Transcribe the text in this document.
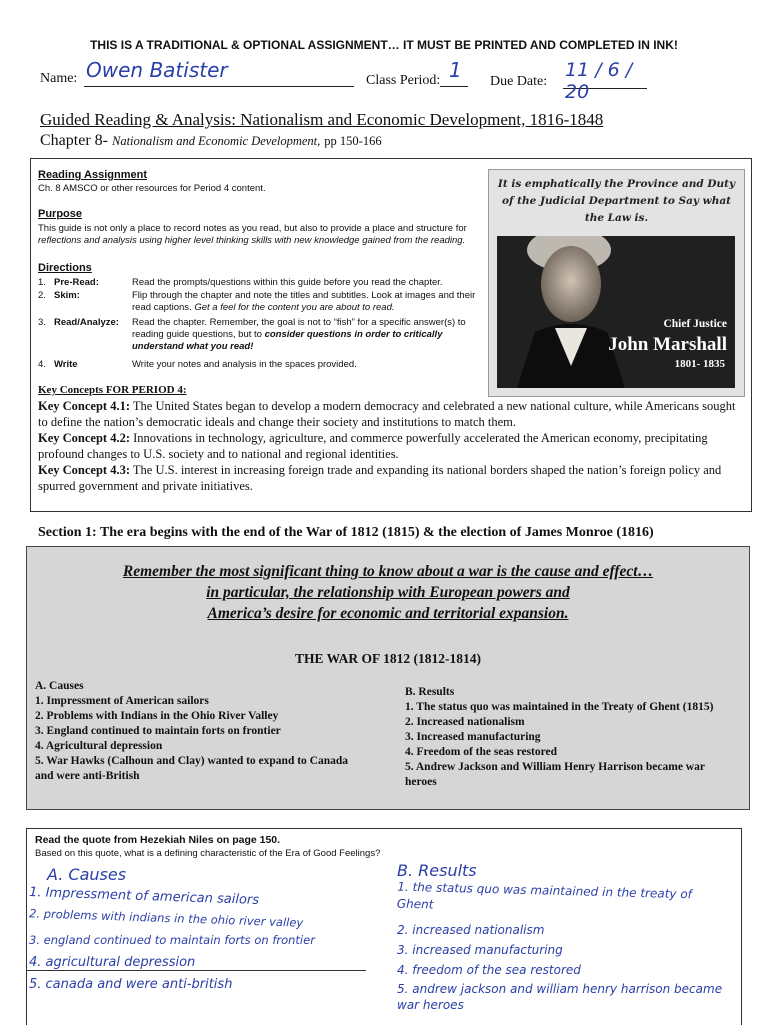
THIS IS A TRADITIONAL & OPTIONAL ASSIGNMENT… IT MUST BE PRINTED AND COMPLETED IN INK!
Name: Owen Batister	Class Period: 1 Due Date:
11 / 6 / 20
Guided Reading & Analysis: Nationalism and Economic Development, 1816-1848
Chapter 8- Nationalism and Economic Development, pp 150-166
Reading Assignment
Ch. 8 AMSCO or other resources for Period 4 content.
Purpose
This guide is not only a place to record notes as you read, but also to provide a place and structure for
reflections and analysis using higher level thinking skills with new knowledge gained from the reading.
Directions
1. Pre-Read:	Read the prompts/questions within this guide before you read the chapter.
2. Skim:	Flip through the chapter and note the titles and subtitles. Look at images and their read captions. Get a feel for the content you are about to read.
3. Read/Analyze: Read the chapter. Remember, the goal is not to “fish” for a specific answer(s) to reading guide questions, but to consider questions in order to critically understand what you read!
4. Write	Write your notes and analysis in the spaces provided.
It is emphatically the Province and Duty of the Judicial Department to Say what the Law is.
Chief Justice
John Marshall
1801- 1835
Key Concepts FOR PERIOD 4:
Key Concept 4.1: The United States began to develop a modern democracy and celebrated a new national culture, while Americans sought to define the nation’s democratic ideals and change their society and institutions to match them.
Key Concept 4.2: Innovations in technology, agriculture, and commerce powerfully accelerated the American economy, precipitating profound changes to U.S. society and to national and regional identities.
Key Concept 4.3: The U.S. interest in increasing foreign trade and expanding its national borders shaped the nation’s foreign policy and spurred government and private initiatives.
Section 1: The era begins with the end of the War of 1812 (1815) & the election of James Monroe (1816)
Remember the most significant thing to know about a war is the cause and effect…
in particular, the relationship with European powers and
America’s desire for economic and territorial expansion.
THE WAR OF 1812 (1812-1814)
A. Causes
1. Impressment of American sailors
2. Problems with Indians in the Ohio River Valley
3. England continued to maintain forts on frontier
4. Agricultural depression
5. War Hawks (Calhoun and Clay) wanted to expand to Canada and were anti-British
B. Results
1. The status quo was maintained in the Treaty of Ghent (1815)
2. Increased nationalism
3. Increased manufacturing
4. Freedom of the seas restored
5. Andrew Jackson and William Henry Harrison became war heroes
Read the quote from Hezekiah Niles on page 150.
Based on this quote, what is a defining characteristic of the Era of Good Feelings?
A. Causes
1. Impressment of american sailors
2. problems with indians in the ohio river valley
3. england continued to maintain forts on frontier
4. agricultural depression
5. canada and were anti-british
B. Results
1. the status quo was maintained in the treaty of Ghent
2. increased nationalism
3. increased manufacturing
4. freedom of the sea restored
5. andrew jackson and william henry harrison became war heroes
